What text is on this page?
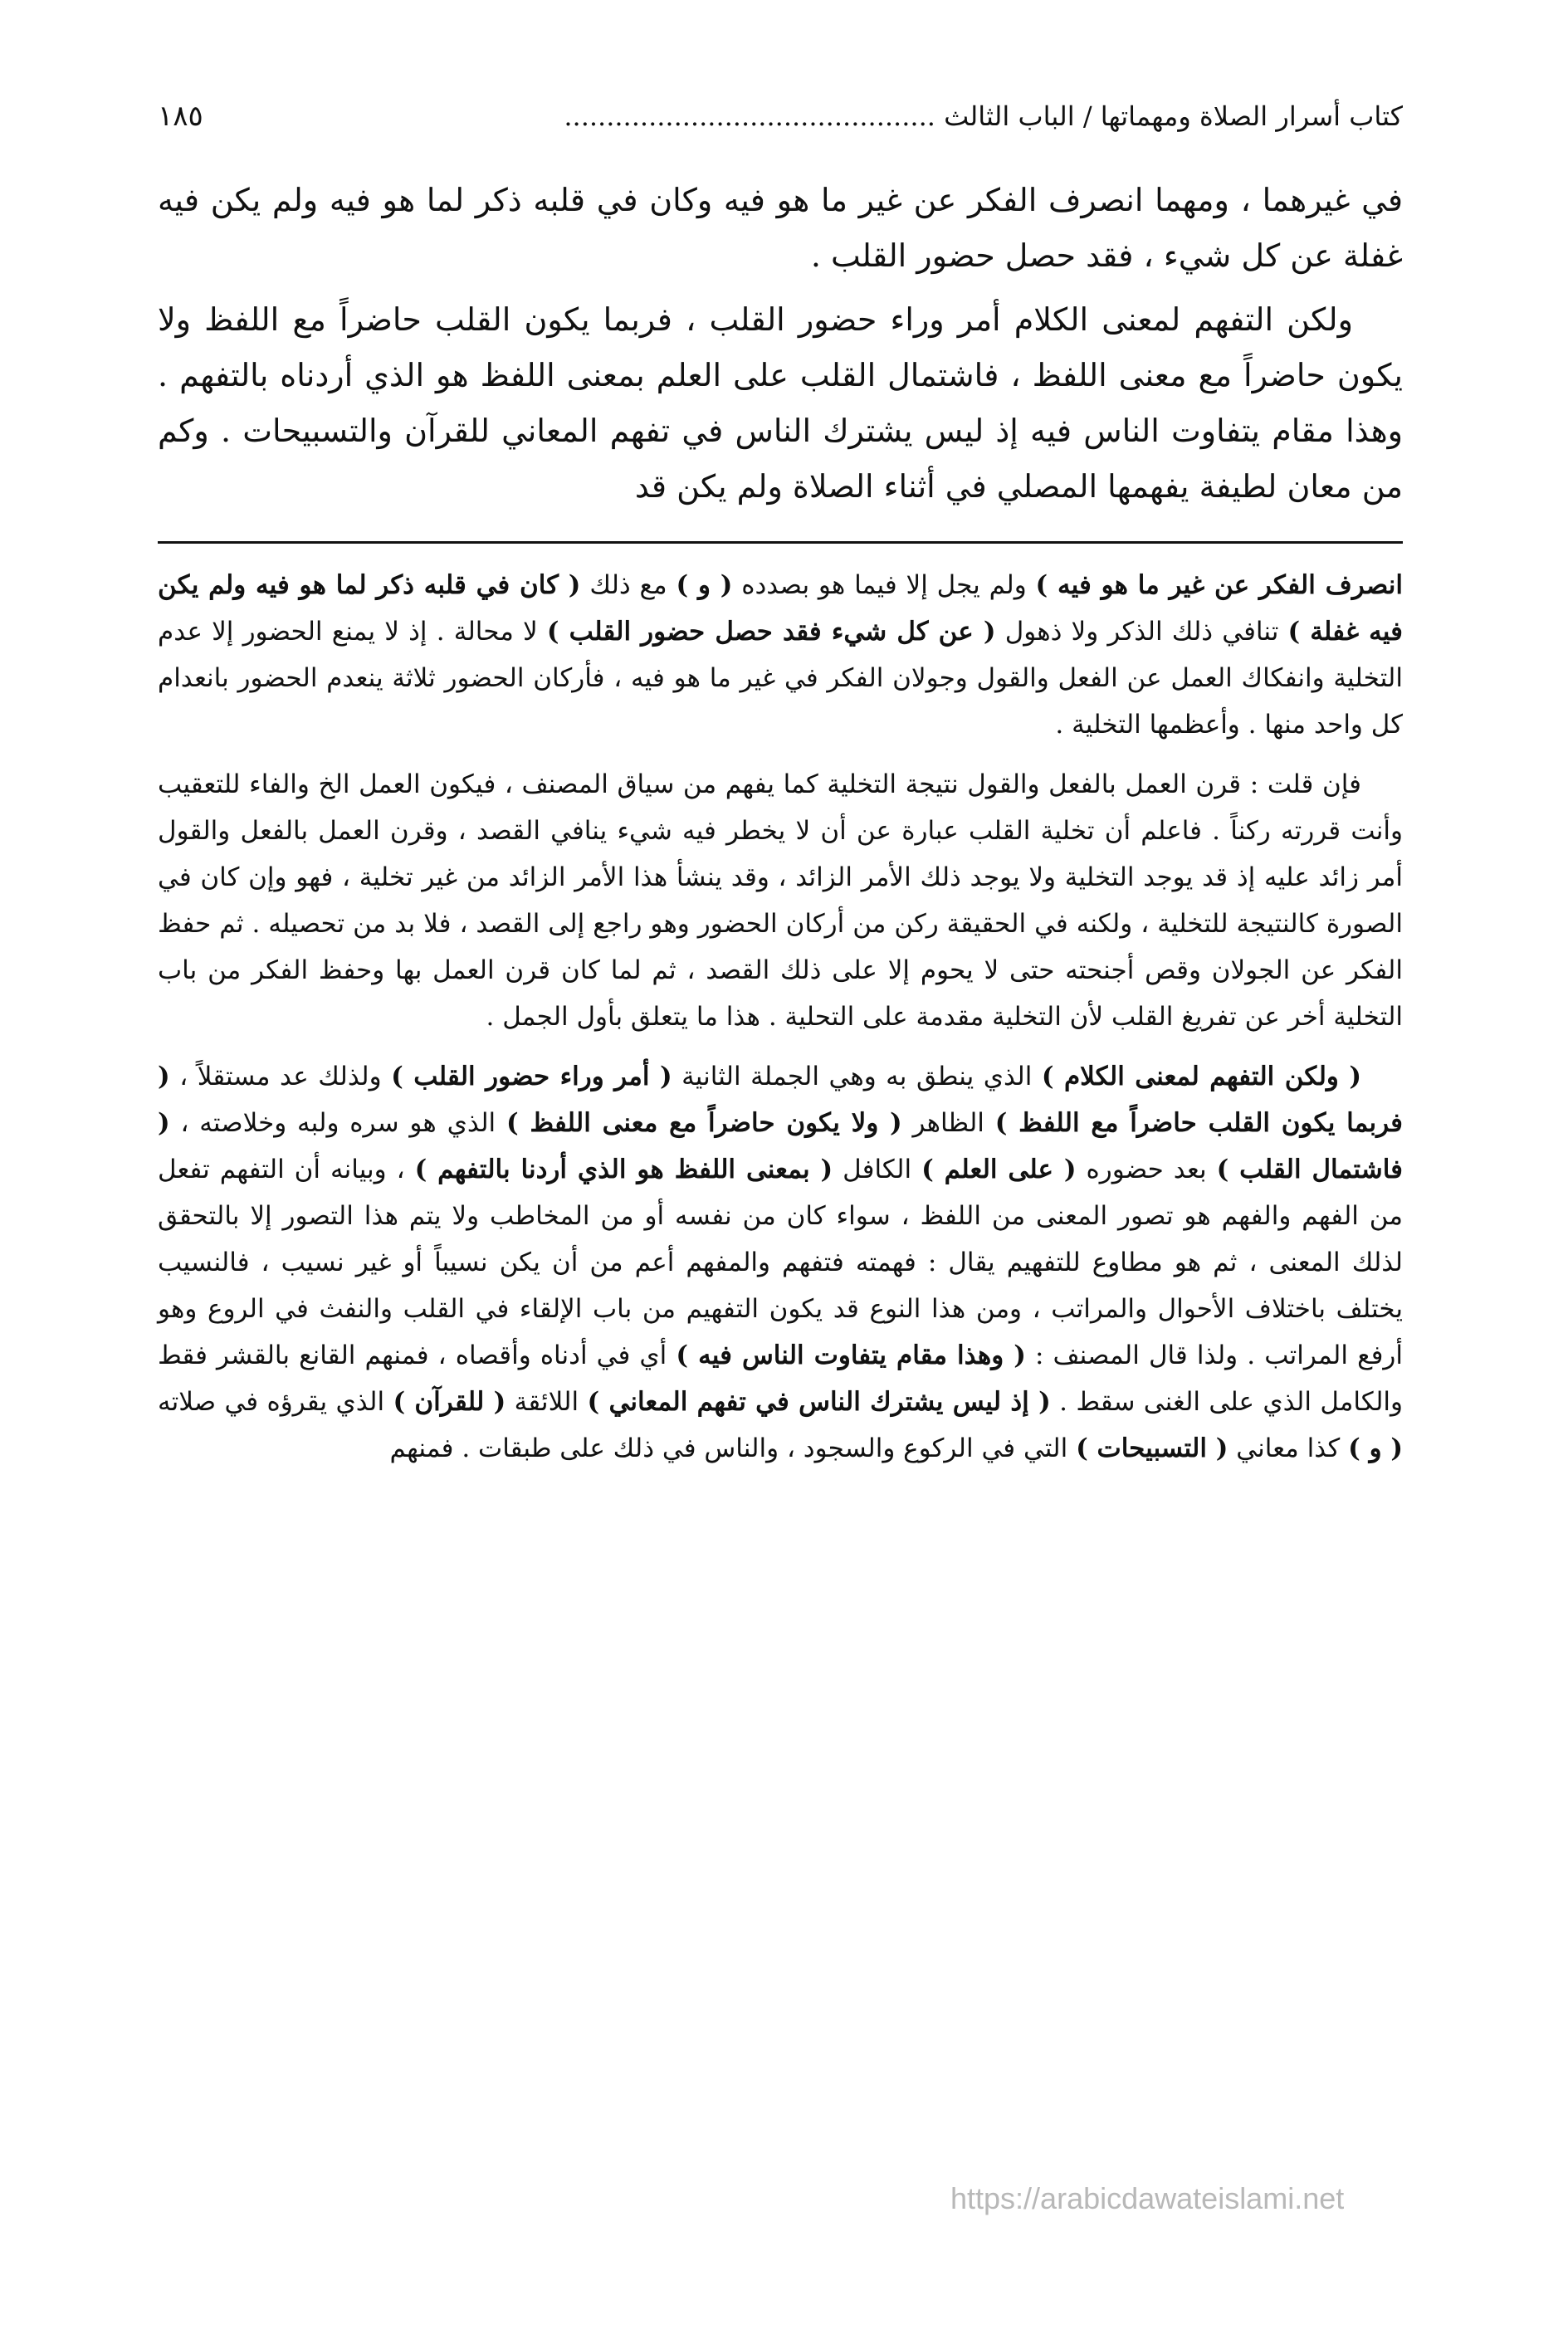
كتاب أسرار الصلاة ومهماتها / الباب الثالث ............................................
١٨٥

في غيرهما ، ومهما انصرف الفكر عن غير ما هو فيه وكان في قلبه ذكر لما هو فيه ولم يكن فيه غفلة عن كل شيء ، فقد حصل حضور القلب .

ولكن التفهم لمعنى الكلام أمر وراء حضور القلب ، فربما يكون القلب حاضراً مع اللفظ ولا يكون حاضراً مع معنى اللفظ ، فاشتمال القلب على العلم بمعنى اللفظ هو الذي أردناه بالتفهم . وهذا مقام يتفاوت الناس فيه إذ ليس يشترك الناس في تفهم المعاني للقرآن والتسبيحات . وكم من معان لطيفة يفهمها المصلي في أثناء الصلاة ولم يكن قد

انصرف الفكر عن غير ما هو فيه ) ولم يجل إلا فيما هو بصدده ( و ) مع ذلك ( كان في قلبه ذكر لما هو فيه ولم يكن فيه غفلة ) تنافي ذلك الذكر ولا ذهول ( عن كل شيء فقد حصل حضور القلب ) لا محالة . إذ لا يمنع الحضور إلا عدم التخلية وانفكاك العمل عن الفعل والقول وجولان الفكر في غير ما هو فيه ، فأركان الحضور ثلاثة ينعدم الحضور بانعدام كل واحد منها . وأعظمها التخلية .

فإن قلت : قرن العمل بالفعل والقول نتيجة التخلية كما يفهم من سياق المصنف ، فيكون العمل الخ والفاء للتعقيب وأنت قررته ركناً . فاعلم أن تخلية القلب عبارة عن أن لا يخطر فيه شيء ينافي القصد ، وقرن العمل بالفعل والقول أمر زائد عليه إذ قد يوجد التخلية ولا يوجد ذلك الأمر الزائد ، وقد ينشأ هذا الأمر الزائد من غير تخلية ، فهو وإن كان في الصورة كالنتيجة للتخلية ، ولكنه في الحقيقة ركن من أركان الحضور وهو راجع إلى القصد ، فلا بد من تحصيله . ثم حفظ الفكر عن الجولان وقص أجنحته حتى لا يحوم إلا على ذلك القصد ، ثم لما كان قرن العمل بها وحفظ الفكر من باب التخلية أخر عن تفريغ القلب لأن التخلية مقدمة على التحلية . هذا ما يتعلق بأول الجمل .

( ولكن التفهم لمعنى الكلام ) الذي ينطق به وهي الجملة الثانية ( أمر وراء حضور القلب ) ولذلك عد مستقلاً ، ( فربما يكون القلب حاضراً مع اللفظ ) الظاهر ( ولا يكون حاضراً مع معنى اللفظ ) الذي هو سره ولبه وخلاصته ، ( فاشتمال القلب ) بعد حضوره ( على العلم ) الكافل ( بمعنى اللفظ هو الذي أردنا بالتفهم ) ، وبيانه أن التفهم تفعل من الفهم والفهم هو تصور المعنى من اللفظ ، سواء كان من نفسه أو من المخاطب ولا يتم هذا التصور إلا بالتحقق لذلك المعنى ، ثم هو مطاوع للتفهيم يقال : فهمته فتفهم والمفهم أعم من أن يكن نسيباً أو غير نسيب ، فالنسيب يختلف باختلاف الأحوال والمراتب ، ومن هذا النوع قد يكون التفهيم من باب الإلقاء في القلب والنفث في الروع وهو أرفع المراتب . ولذا قال المصنف : ( وهذا مقام يتفاوت الناس فيه ) أي في أدناه وأقصاه ، فمنهم القانع بالقشر فقط والكامل الذي على الغنى سقط . ( إذ ليس يشترك الناس في تفهم المعاني ) اللائقة ( للقرآن ) الذي يقرؤه في صلاته ( و ) كذا معاني ( التسبيحات ) التي في الركوع والسجود ، والناس في ذلك على طبقات . فمنهم

https://arabicdawateislami.net
